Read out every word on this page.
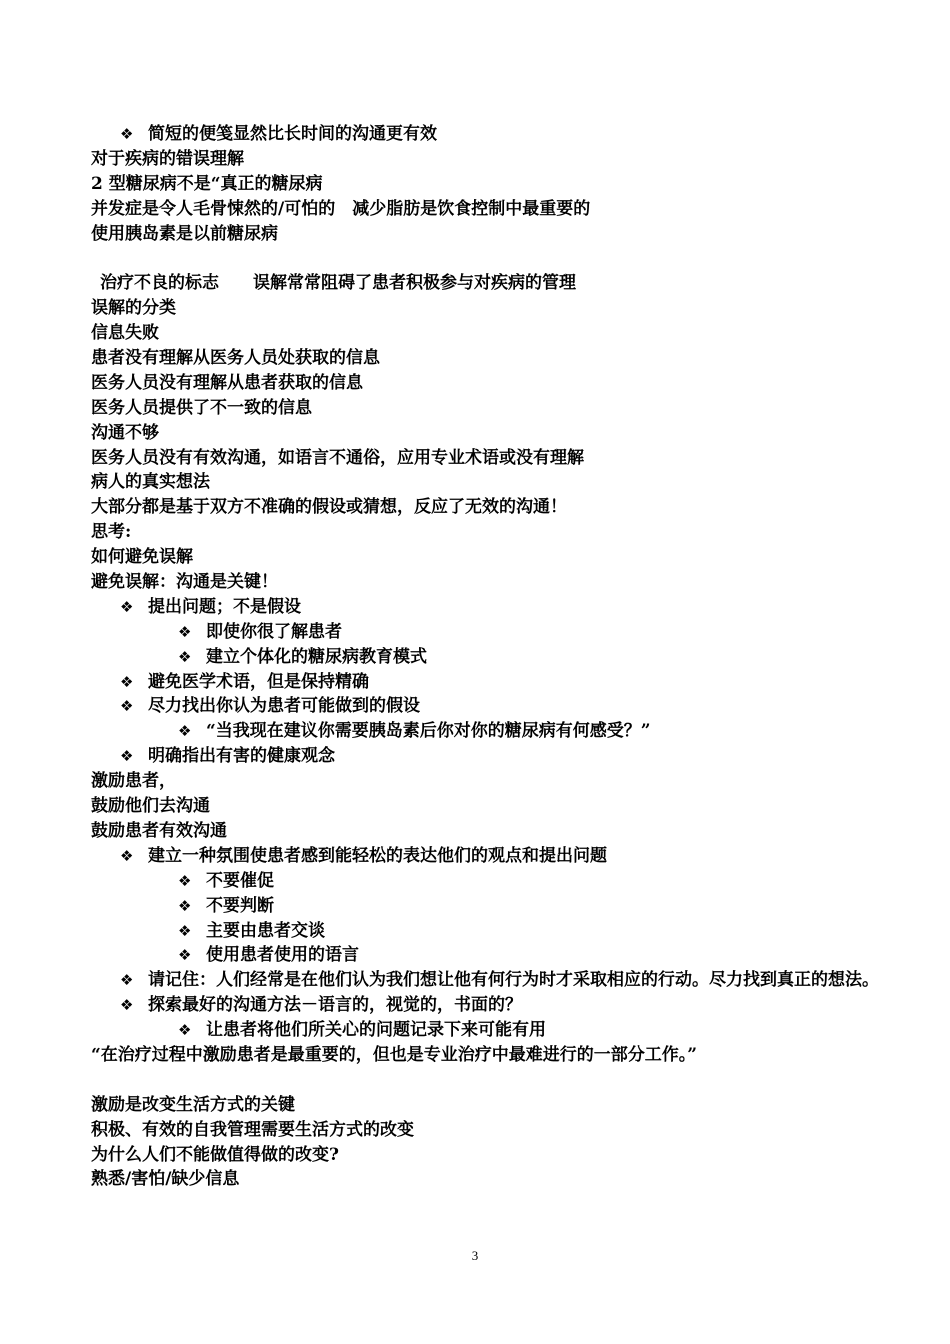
❖ 简短的便笺显然比长时间的沟通更有效
对于疾病的错误理解
2 型糖尿病不是“真正的糖尿病
并发症是令人毛骨悚然的/可怕的　减少脂肪是饮食控制中最重要的
使用胰岛素是以前糖尿病
治疗不良的标志　　误解常常阻碍了患者积极参与对疾病的管理
误解的分类
信息失败
患者没有理解从医务人员处获取的信息
医务人员没有理解从患者获取的信息
医务人员提供了不一致的信息
沟通不够
医务人员没有有效沟通，如语言不通俗，应用专业术语或没有理解
病人的真实想法
大部分都是基于双方不准确的假设或猜想，反应了无效的沟通！
思考:
如何避免误解
避免误解：沟通是关键！
❖ 提出问题；不是假设
❖ 即使你很了解患者
❖ 建立个体化的糖尿病教育模式
❖ 避免医学术语，但是保持精确
❖ 尽力找出你认为患者可能做到的假设
❖ “当我现在建议你需要胰岛素后你对你的糖尿病有何感受？”
❖ 明确指出有害的健康观念
激励患者，
鼓励他们去沟通
鼓励患者有效沟通
❖ 建立一种氛围使患者感到能轻松的表达他们的观点和提出问题
❖ 不要催促
❖ 不要判断
❖ 主要由患者交谈
❖ 使用患者使用的语言
❖ 请记住：人们经常是在他们认为我们想让他有何行为时才采取相应的行动。尽力找到真正的想法。
❖ 探索最好的沟通方法－语言的，视觉的，书面的？
❖ 让患者将他们所关心的问题记录下来可能有用
“在治疗过程中激励患者是最重要的，但也是专业治疗中最难进行的一部分工作。”
激励是改变生活方式的关键
积极、有效的自我管理需要生活方式的改变
为什么人们不能做值得做的改变?
熟悉/害怕/缺少信息
3
